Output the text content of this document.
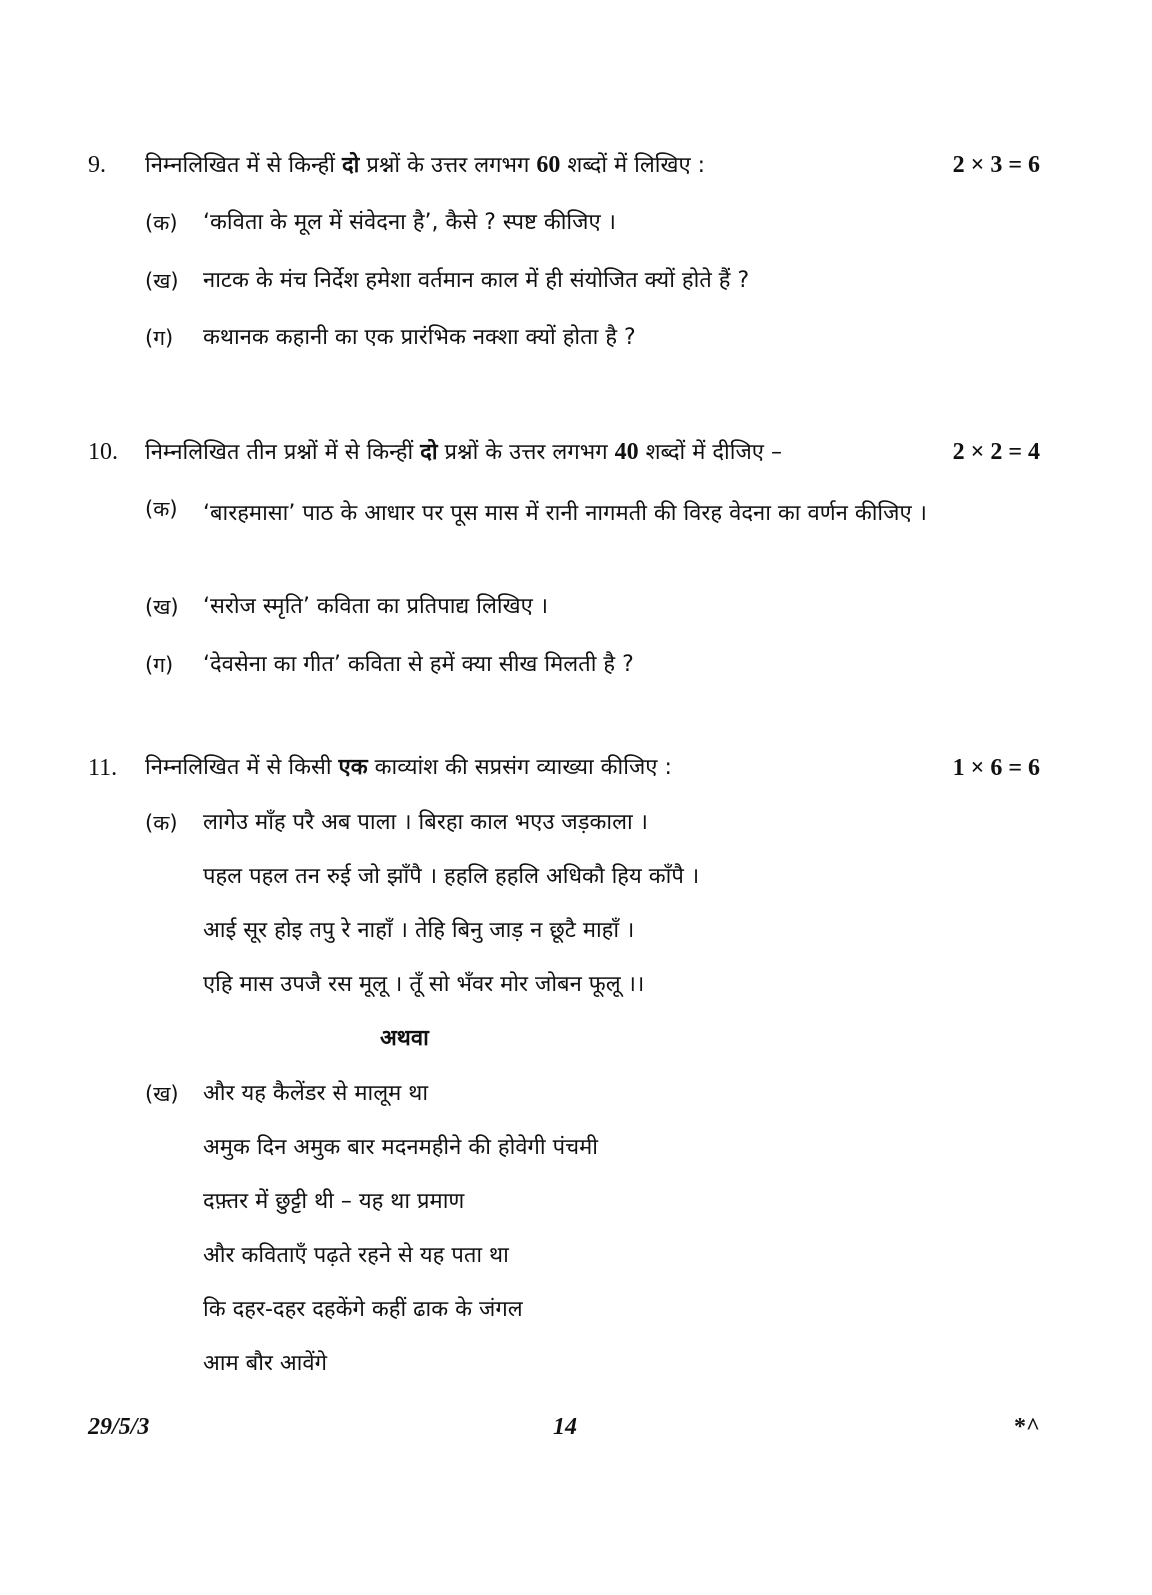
9. निम्नलिखित में से किन्हीं दो प्रश्नों के उत्तर लगभग 60 शब्दों में लिखिए :	2 × 3 = 6
(क) ‘कविता के मूल में संवेदना है’, कैसे ? स्पष्ट कीजिए ।
(ख) नाटक के मंच निर्देश हमेशा वर्तमान काल में ही संयोजित क्यों होते हैं ?
(ग) कथानक कहानी का एक प्रारंभिक नक्शा क्यों होता है ?
10. निम्नलिखित तीन प्रश्नों में से किन्हीं दो प्रश्नों के उत्तर लगभग 40 शब्दों में दीजिए –	2 × 2 = 4
(क) ‘बारहमासा’ पाठ के आधार पर पूस मास में रानी नागमती की विरह वेदना का वर्णन कीजिए ।
(ख) ‘सरोज स्मृति’ कविता का प्रतिपाद्य लिखिए ।
(ग) ‘देवसेना का गीत’ कविता से हमें क्या सीख मिलती है ?
11. निम्नलिखित में से किसी एक काव्यांश की सप्रसंग व्याख्या कीजिए :	1 × 6 = 6
(क) लागेउ माँह परै अब पाला । बिरहा काल भएउ जड़काला ।
पहल पहल तन रुई जो झाँपै । हहलि हहलि अधिकौ हिय काँपै ।
आई सूर होइ तपु रे नाहाँ । तेहि बिनु जाड़ न छूटै माहाँ ।
एहि मास उपजै रस मूलू । तूँ सो भँवर मोर जोबन फूलू ।।
अथवा
(ख) और यह कैलेंडर से मालूम था
अमुक दिन अमुक बार मदनमहीने की होवेगी पंचमी
दफ़्तर में छुट्टी थी – यह था प्रमाण
और कविताएँ पढ़ते रहने से यह पता था
कि दहर-दहर दहकेंगे कहीं ढाक के जंगल
आम बौर आवेंगे
29/5/3	14	*^
